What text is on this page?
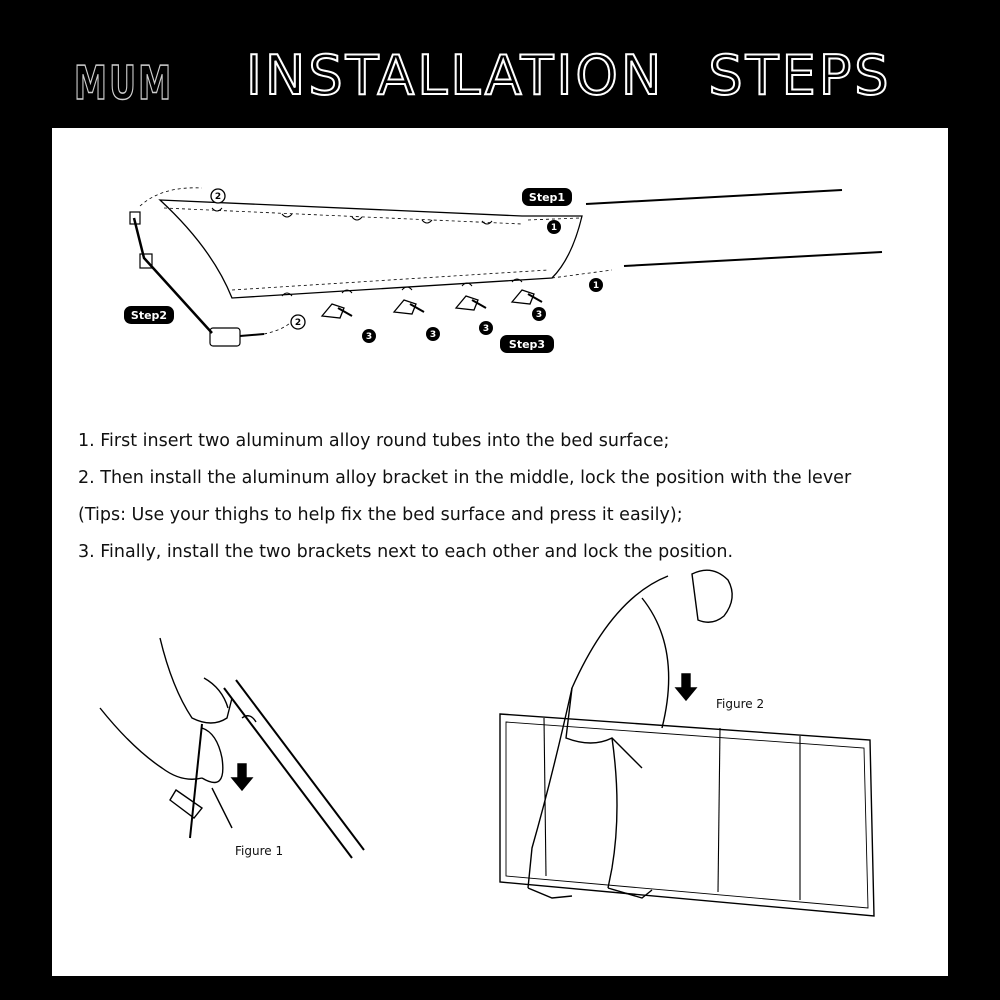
MUM INSTALLATION STEPS
Step1
Step2
Step3
1
1
2
2
3	3
3
3
3
1. First insert two aluminum alloy round tubes into the bed surface;
2. Then install the aluminum alloy bracket in the middle, lock the position with the lever
(Tips: Use your thighs to help fix the bed surface and press it easily);
3. Finally, install the two brackets next to each other and lock the position.
Figure 1
Figure 2
